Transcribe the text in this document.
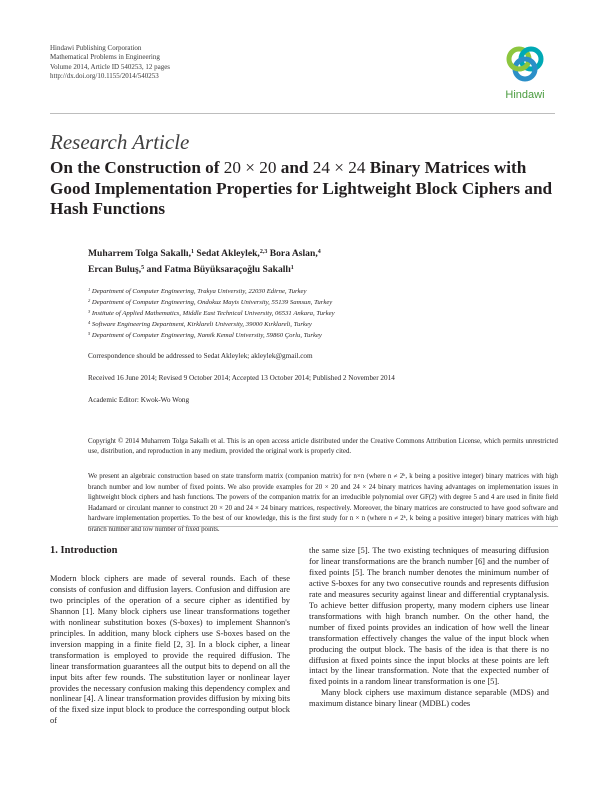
Hindawi Publishing Corporation
Mathematical Problems in Engineering
Volume 2014, Article ID 540253, 12 pages
http://dx.doi.org/10.1155/2014/540253
Hindawi
Research Article
On the Construction of 20 × 20 and 24 × 24 Binary Matrices with Good Implementation Properties for Lightweight Block Ciphers and Hash Functions
Muharrem Tolga Sakallı,$^1$ Sedat Akleylek,$^{2,3}$ Bora Aslan,$^4$
Ercan Buluş,$^5$ and Fatma Büyüksaraçoğlu Sakallı$^1$
$^1$ Department of Computer Engineering, Trakya University, 22030 Edirne, Turkey
$^2$ Department of Computer Engineering, Ondokuz Mayis University, 55139 Samsun, Turkey
$^3$ Institute of Applied Mathematics, Middle East Technical University, 06531 Ankara, Turkey
$^4$ Software Engineering Department, Kirklareli University, 39000 Kırklareli, Turkey
$^5$ Department of Computer Engineering, Namik Kemal University, 59860 Çorlu, Turkey
Correspondence should be addressed to Sedat Akleylek; akleylek@gmail.com
Received 16 June 2014; Revised 9 October 2014; Accepted 13 October 2014; Published 2 November 2014
Academic Editor: Kwok-Wo Wong
Copyright © 2014 Muharrem Tolga Sakallı et al. This is an open access article distributed under the Creative Commons Attribution License, which permits unrestricted use, distribution, and reproduction in any medium, provided the original work is properly cited.
We present an algebraic construction based on state transform matrix (companion matrix) for n×n (where n ≠ 2ᵏ, k being a positive integer) binary matrices with high branch number and low number of fixed points. We also provide examples for 20 × 20 and 24 × 24 binary matrices having advantages on implementation issues in lightweight block ciphers and hash functions. The powers of the companion matrix for an irreducible polynomial over GF(2) with degree 5 and 4 are used in finite field Hadamard or circulant manner to construct 20 × 20 and 24 × 24 binary matrices, respectively. Moreover, the binary matrices are constructed to have good software and hardware implementation properties. To the best of our knowledge, this is the first study for n × n (where n ≠ 2ᵏ, k being a positive integer) binary matrices with high branch number and low number of fixed points.
1. Introduction

Modern block ciphers are made of several rounds. Each of these consists of confusion and diffusion layers. Confusion and diffusion are two principles of the operation of a secure cipher as identified by Shannon [1]. Many block ciphers use linear transformations together with nonlinear substitution boxes (S-boxes) to implement Shannon's principles. In addition, many block ciphers use S-boxes based on the inversion mapping in a finite field [2, 3]. In a block cipher, a linear transformation is employed to provide the required diffusion. The linear transformation guarantees all the output bits to depend on all the input bits after few rounds. The substitution layer or nonlinear layer provides the necessary confusion making this dependency complex and nonlinear [4]. A linear transformation provides diffusion by mixing bits of the fixed size input block to produce the corresponding output block of

the same size [5]. The two existing techniques of measuring diffusion for linear transformations are the branch number [6] and the number of fixed points [5]. The branch number denotes the minimum number of active S-boxes for any two consecutive rounds and represents diffusion rate and measures security against linear and differential cryptanalysis. To achieve better diffusion property, many modern ciphers use linear transformations with high branch number. On the other hand, the number of fixed points provides an indication of how well the linear transformation effectively changes the value of the input block when producing the output block. The basis of the idea is that there is no diffusion at fixed points since the input blocks at these points are left intact by the linear transformation. Note that the expected number of fixed points in a random linear transformation is one [5].

Many block ciphers use maximum distance separable (MDS) and maximum distance binary linear (MDBL) codes
